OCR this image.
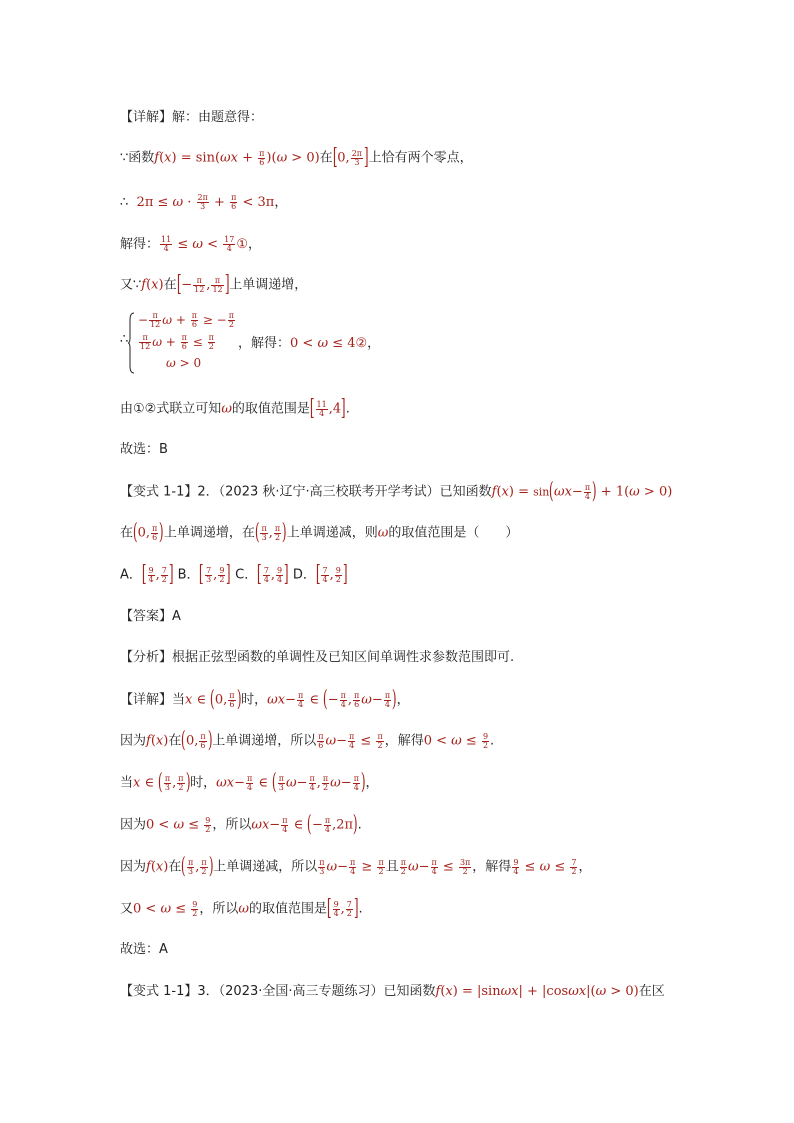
【详解】解：由题意得：
∵函数$f(x) = \sin(\omega x + \frac{\pi}{6} )(\omega > 0)$在[0, $\frac{2\pi}{3}$ ]上恰有两个零点，
∴ $2\pi \le \omega \cdot \frac{2\pi}{3} + \frac{\pi}{6} < 3\pi$，
解得： $\frac{11}{4} \le \omega < \frac{17}{4}$ ①，
又∵f(x)在[− $\frac{\pi}{12}$ , $\frac{\pi}{12}$ ]上单调递增，
∴
− $\frac{\pi}{12}$ $\omega + \frac{\pi}{6}$ ≥ − $\frac{\pi}{2}$
$\frac{\pi}{12}$ $\omega + \frac{\pi}{6} \le \frac{\pi}{2}$
ω > 0
，解得：0 < ω ≤ 4②，
由①②式联立可知ω的取值范围是[ $\frac{11}{4} ,4$].
故选：B
【变式 1-1】2．（2023 秋·辽宁·高三校联考开学考试）已知函数$f(x) = \sin(\omega x- \frac{\pi}{4}$ ) + 1(ω > 0)
在(0, $\frac{\pi}{6}$ )上单调递增，在( $\frac{\pi}{3}$ , $\frac{\pi}{2}$ )上单调递减，则ω的取值范围是（　　）
A．[ $\frac{9}{4}$ , $\frac{7}{2}$ ] B．[ $\frac{7}{3}$ , $\frac{9}{2}$ ] C．[ $\frac{7}{4}$ , $\frac{9}{4}$ ] D．[ $\frac{7}{4}$ , $\frac{9}{2}$ ]
【答案】A
【分析】根据正弦型函数的单调性及已知区间单调性求参数范围即可.
【详解】当x ∈ (0, $\frac{\pi}{6}$ )时，$\omega x- \frac{\pi}{4}$ ∈ (− $\frac{\pi}{4}$ , $\frac{\pi}{6} \omega- \frac{\pi}{4}$ )，
因为f(x)在(0, $\frac{\pi}{6}$ )上单调递增，所以 $\frac{\pi}{6} \omega- \frac{\pi}{4} \le \frac{\pi}{2}$ ，解得$0 < \omega \le \frac{9}{2}$ .
当x ∈ ( $\frac{\pi}{3}$ , $\frac{\pi}{2}$ )时，$\omega x- \frac{\pi}{4}$ ∈ ( $\frac{\pi}{3} \omega- \frac{\pi}{4}$ , $\frac{\pi}{2} \omega- \frac{\pi}{4}$ )，
因为$0 < \omega \le \frac{9}{2}$ ，所以$\omega x- \frac{\pi}{4}$ ∈ (− $\frac{\pi}{4} ,2\pi$).
因为f(x)在( $\frac{\pi}{3}$ , $\frac{\pi}{2}$ )上单调递减，所以 $\frac{\pi}{3} \omega- \frac{\pi}{4} \ge \frac{\pi}{2}$ 且 $\frac{\pi}{2} \omega- \frac{\pi}{4} \le \frac{3\pi}{2}$ ，解得 $\frac{9}{4} \le \omega \le \frac{7}{2}$ ，
又$0 < \omega \le \frac{9}{2}$ ，所以ω的取值范围是[ $\frac{9}{4}$ , $\frac{7}{2}$ ].
故选：A
【变式 1-1】3．（2023·全国·高三专题练习）已知函数f(x) = |sinωx| + |cosωx|(ω > 0)在区
